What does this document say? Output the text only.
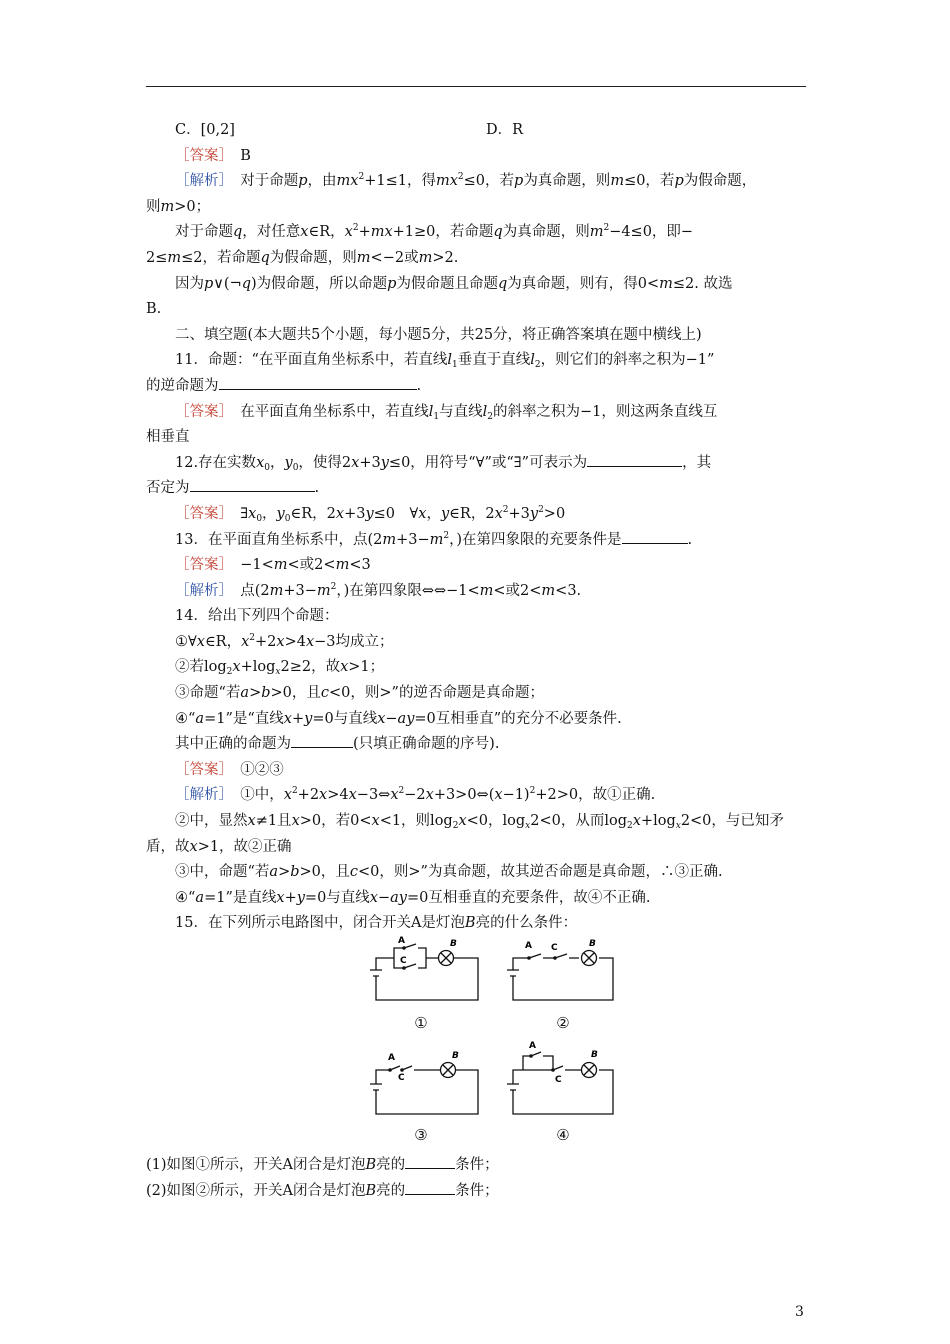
C．[0,2]	D．R
［答案］　 B
［解析］　 对于命题p，由$mx^2+1\le 1$，得$mx^2\le 0$，若p为真命题，则m≤0，若p为假命题，
则m>0；
对于命题q，对任意x∈R，$x^2+mx+1\ge 0$，若命题q为真命题，则$m^2-4\le 0$，即−
2≤m≤2，若命题q为假命题，则m<−2或m>2.
因为p∨(¬q)为假命题，所以命题p为假命题且命题q为真命题，则有，得0<m≤2. 故选
B.
二、填空题(本大题共5个小题，每小题5分，共25分，将正确答案填在题中横线上)
11．命题：“在平面直角坐标系中，若直线$l_1$垂直于直线$l_2$，则它们的斜率之积为−1”
的逆命题为	.
［答案］　 在平面直角坐标系中，若直线$l_1$与直线$l_2$的斜率之积为−1，则这两条直线互
相垂直
12.存在实数$x_0$，$y_0$，使得2x+3y≤0，用符号“∀”或“∃”可表示为	，其
否定为	.
［答案］　 $\exists x_0$，$y_0\in R$，2x+3y≤0　∀x，y∈R，$2x^2+3y^2>0$
13．在平面直角坐标系中，点($2m+3-m^2$，)在第四象限的充要条件是	.
［答案］　 −1<m<或2<m<3
［解析］　 点($2m+3-m^2$，)在第四象限⇔⇔−1<m<或2<m<3.
14．给出下列四个命题：
①∀x∈R，$x^2+2x>4x-3$均成立；
②若$\log_2x+\log_x2\ge 2$，故x>1；
③命题“若a>b>0，且c<0，则>”的逆否命题是真命题；
④“a=1”是“直线x+y=0与直线x−ay=0互相垂直”的充分不必要条件.
其中正确的命题为	(只填正确命题的序号).
［答案］　 ①②③
［解析］　 ①中，$x^2+2x>4x-3\Leftrightarrow x^2-2x+3>0\Leftrightarrow(x-1)^2+2>0$，故①正确.
②中，显然x≠1且x>0，若0<x<1，则$\log_2x<0$，$\log_x2<0$，从而$\log_2x+\log_x2<0$，与已知矛
盾，故x>1，故②正确
③中，命题“若a>b>0，且c<0，则>”为真命题，故其逆否命题是真命题，∴③正确.
④“a=1”是直线x+y=0与直线x−ay=0互相垂直的充要条件，故④不正确.
15．在下列所示电路图中，闭合开关A是灯泡B亮的什么条件：
A
C
B
①
A C	B
②
A
C
B
③
A
C
B
④
(1)如图①所示，开关A闭合是灯泡B亮的	条件；
(2)如图②所示，开关A闭合是灯泡B亮的	条件；
3
